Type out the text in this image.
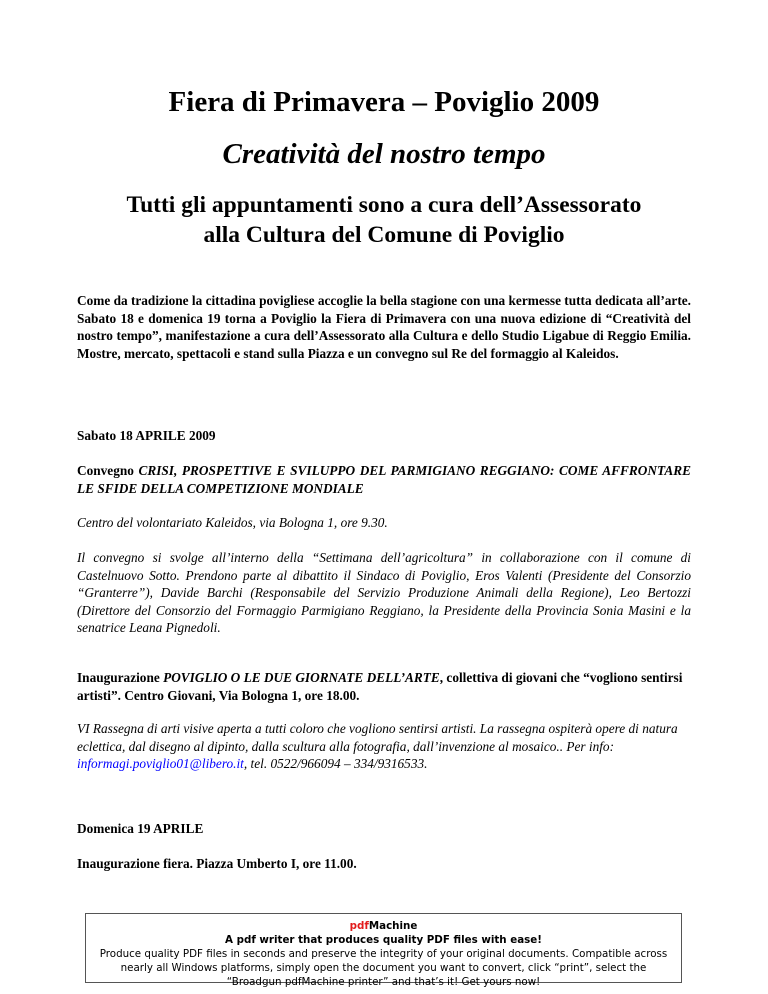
Fiera di Primavera – Poviglio 2009
Creatività del nostro tempo
Tutti gli appuntamenti sono a cura dell’Assessorato
alla Cultura del Comune di Poviglio

Come da tradizione la cittadina povigliese accoglie la bella stagione con una kermesse tutta dedicata all’arte. Sabato 18 e domenica 19 torna a Poviglio la Fiera di Primavera con una nuova edizione di “Creatività del nostro tempo”, manifestazione a cura dell’Assessorato alla Cultura e dello Studio Ligabue di Reggio Emilia. Mostre, mercato, spettacoli e stand sulla Piazza e un convegno sul Re del formaggio al Kaleidos.

Sabato 18 APRILE 2009

Convegno CRISI, PROSPETTIVE E SVILUPPO DEL PARMIGIANO REGGIANO: COME AFFRONTARE LE SFIDE DELLA COMPETIZIONE MONDIALE

Centro del volontariato Kaleidos, via Bologna 1, ore 9.30.

Il convegno si svolge all’interno della “Settimana dell’agricoltura” in collaborazione con il comune di Castelnuovo Sotto. Prendono parte al dibattito il Sindaco di Poviglio, Eros Valenti (Presidente del Consorzio “Granterre”), Davide Barchi (Responsabile del Servizio Produzione Animali della Regione), Leo Bertozzi (Direttore del Consorzio del Formaggio Parmigiano Reggiano, la Presidente della Provincia Sonia Masini e la senatrice Leana Pignedoli.

Inaugurazione POVIGLIO O LE DUE GIORNATE DELL’ARTE, collettiva di giovani che “vogliono sentirsi artisti”. Centro Giovani, Via Bologna 1, ore 18.00.

VI Rassegna di arti visive aperta a tutti coloro che vogliono sentirsi artisti. La rassegna ospiterà opere di natura eclettica, dal disegno al dipinto, dalla scultura alla fotografia, dall’invenzione al mosaico.. Per info: informagi.poviglio01@libero.it, tel. 0522/966094 – 334/9316533.

Domenica 19 APRILE

Inaugurazione fiera. Piazza Umberto I, ore 11.00.

pdfMachine
A pdf writer that produces quality PDF files with ease!
Produce quality PDF files in seconds and preserve the integrity of your original documents. Compatible across nearly all Windows platforms, simply open the document you want to convert, click “print”, select the “Broadgun pdfMachine printer” and that’s it! Get yours now!
